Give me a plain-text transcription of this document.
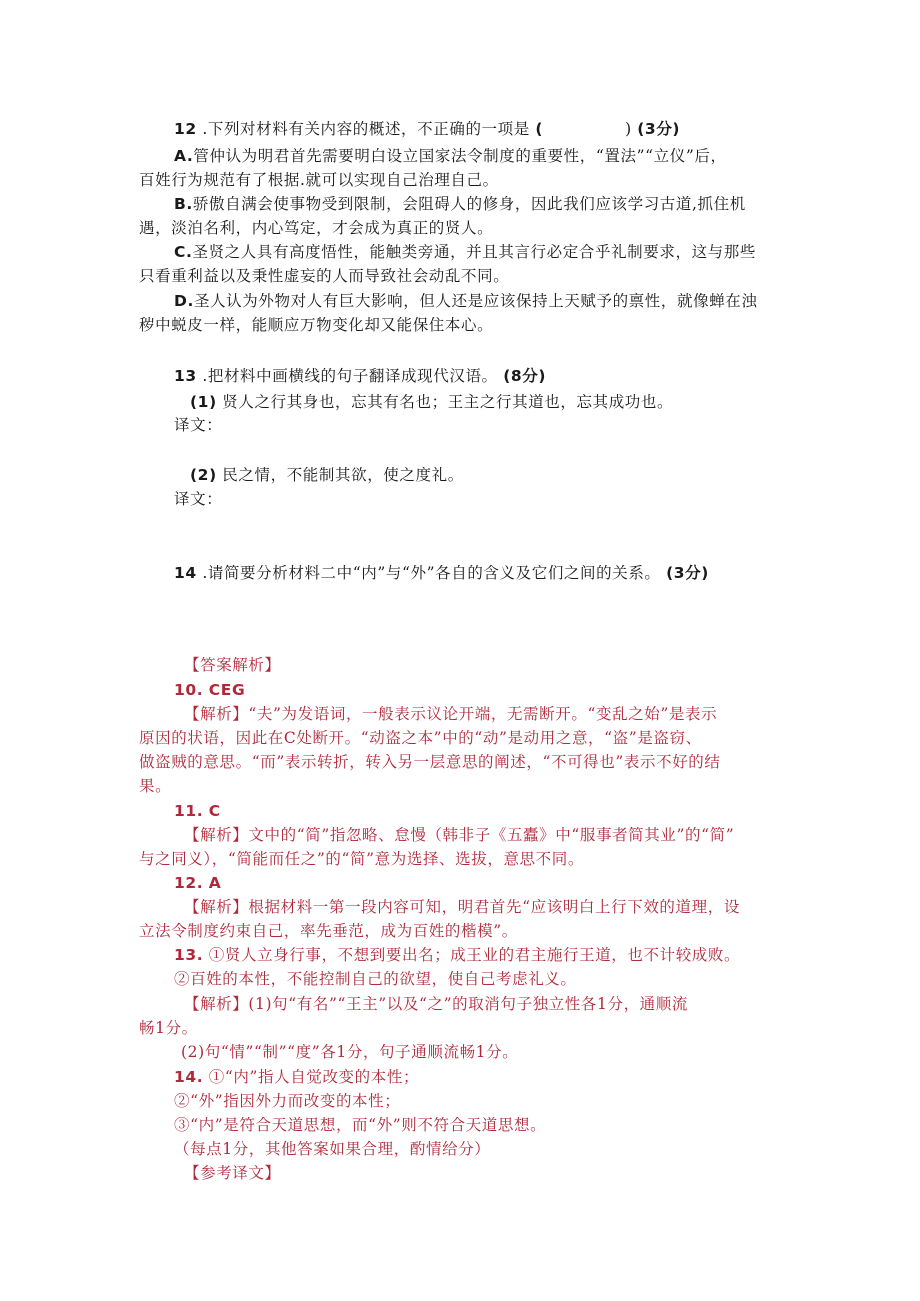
12 .下列对材料有关内容的概述，不正确的一项是 (	) (3分)
A.管仲认为明君首先需要明白设立国家法令制度的重要性，“置法”“立仪”后，
百姓行为规范有了根据.就可以实现自己治理自己。
B.骄傲自满会使事物受到限制，会阻碍人的修身，因此我们应该学习古道,抓住机
遇，淡泊名利，内心笃定，才会成为真正的贤人。
C.圣贤之人具有高度悟性，能触类旁通，并且其言行必定合乎礼制要求，这与那些
只看重利益以及秉性虚妄的人而导致社会动乱不同。
D.圣人认为外物对人有巨大影响，但人还是应该保持上天赋予的禀性，就像蝉在浊
秽中蜕皮一样，能顺应万物变化却又能保住本心。
13 .把材料中画横线的句子翻译成现代汉语。 (8分)
(1) 贤人之行其身也，忘其有名也；王主之行其道也，忘其成功也。
译文：
(2) 民之情，不能制其欲，使之度礼。
译文：
14 .请简要分析材料二中“内”与“外”各自的含义及它们之间的关系。 (3分)
【答案解析】
10. CEG
【解析】“夫”为发语词，一般表示议论开端，无需断开。“变乱之始”是表示
原因的状语，因此在C处断开。“动盗之本”中的“动”是动用之意，“盗”是盗窃、
做盗贼的意思。“而”表示转折，转入另一层意思的阐述，“不可得也”表示不好的结
果。
11. C
【解析】文中的“简”指忽略、怠慢（韩非子《五蠹》中“服事者简其业”的“简”
与之同义），“简能而任之”的“简”意为选择、选拔，意思不同。
12. A
【解析】根据材料一第一段内容可知，明君首先“应该明白上行下效的道理，设
立法令制度约束自己，率先垂范，成为百姓的楷模”。
13. ①贤人立身行事，不想到要出名；成王业的君主施行王道，也不计较成败。
②百姓的本性，不能控制自己的欲望，使自己考虑礼义。
【解析】(1)句“有名”“王主”以及“之”的取消句子独立性各1分，通顺流
畅1分。
(2)句“情”“制”“度”各1分，句子通顺流畅1分。
14. ①“内”指人自觉改变的本性；
②“外”指因外力而改变的本性；
③“内”是符合天道思想，而“外”则不符合天道思想。
（每点1分，其他答案如果合理，酌情给分）
【参考译文】
